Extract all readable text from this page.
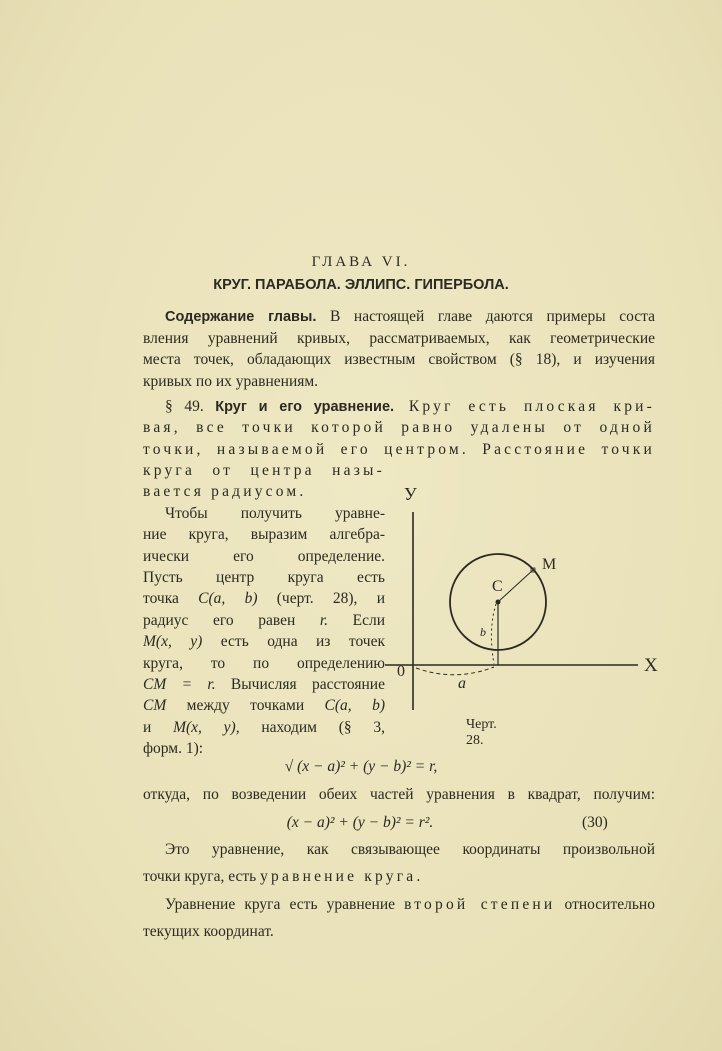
ГЛАВА VI.
КРУГ. ПАРАБОЛА. ЭЛЛИПС. ГИПЕРБОЛА.
Содержание главы. В настоящей главе даются примеры соста
вления уравнений кривых, рассматриваемых, как геометрические
места точек, обладающих известным свойством (§ 18), и изучения
кривых по их уравнениям.
§ 49. Круг и его уравнение. Круг есть плоская кри-
вая, все точки которой равно удалены от одной
точки, называемой его центром. Расстояние точки
круга от центра назы-
вается радиусом.
Чтобы получить уравне-
ние круга, выразим алгебра-
ически его определение.
Пусть центр круга есть
точка C(a, b) (черт. 28), и
радиус его равен r. Если
M(x, y) есть одна из точек
круга, то по определению
CM = r. Вычисляя расстояние
CM между точками C(a, b)
и M(x, y), находим (§ 3,
форм. 1):
√ (x − a)² + (y − b)² = r,
откуда, по возведении обеих частей уравнения в квадрат, получим:
(x − a)² + (y − b)² = r².
Это уравнение, как связывающее координаты произвольной
точки круга, есть уравнение круга.
Уравнение круга есть уравнение второй степени относительно
текущих координат.
(30)
У
X
0
C
M
a
b
Черт. 28.
